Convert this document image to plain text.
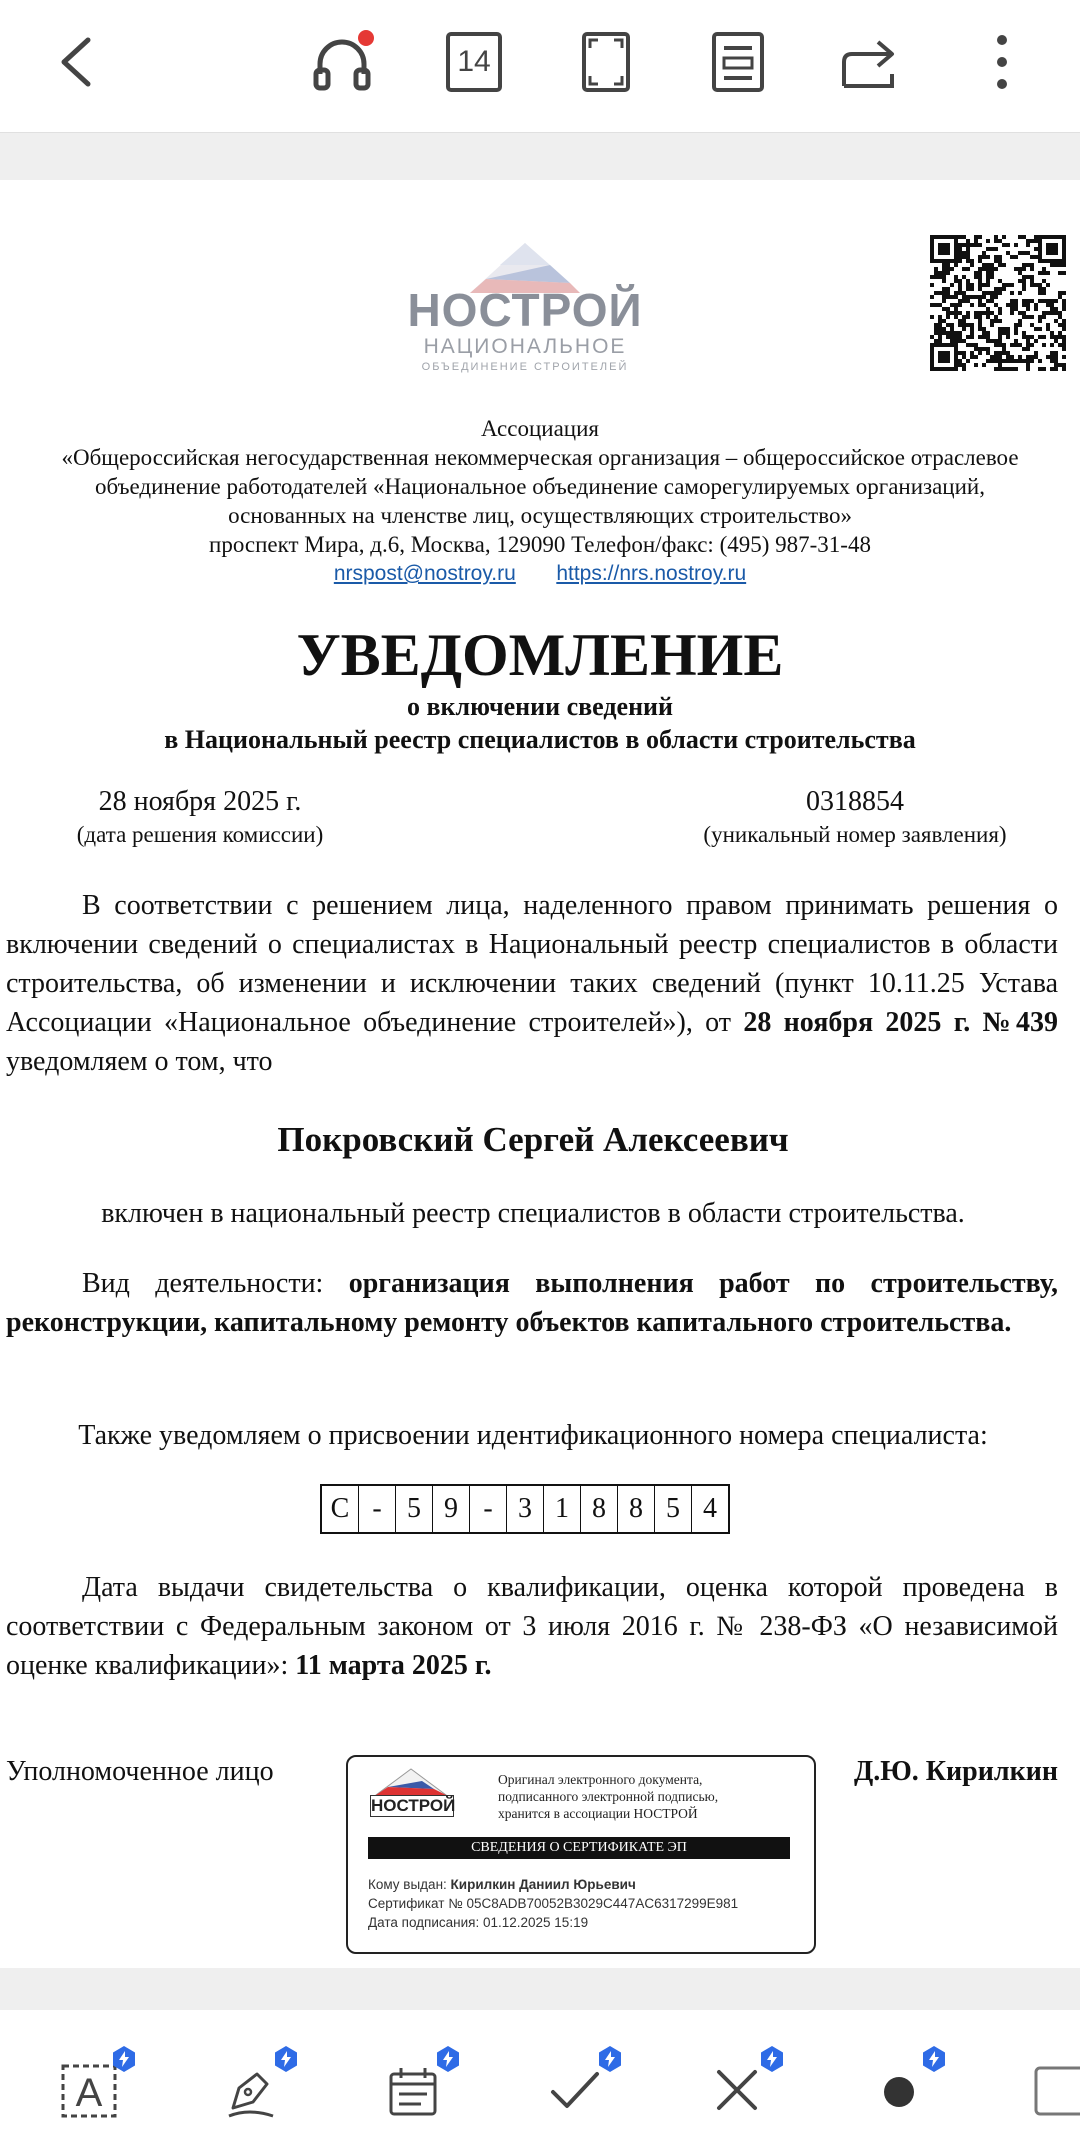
14
НОСТРОЙ
НАЦИОНАЛЬНОЕ
ОБЪЕДИНЕНИЕ СТРОИТЕЛЕЙ
Ассоциация
«Общероссийская негосударственная некоммерческая организация – общероссийское отраслевое
объединение работодателей «Национальное объединение саморегулируемых организаций,
основанных на членстве лиц, осуществляющих строительство»
проспект Мира, д.6, Москва, 129090 Телефон/факс: (495) 987-31-48
nrspost@nostroy.ru https://nrs.nostroy.ru
УВЕДОМЛЕНИЕ
о включении сведений
в Национальный реестр специалистов в области строительства
28 ноября 2025 г.
(дата решения комиссии)
0318854
(уникальный номер заявления)
В соответствии с решением лица, наделенного правом принимать решения о включении сведений о специалистах в Национальный реестр специалистов в области строительства, об изменении и исключении таких сведений (пункт 10.11.25 Устава Ассоциации «Национальное объединение строителей»), от 28 ноября 2025 г. №439 уведомляем о том, что
Покровский Сергей Алексеевич
включен в национальный реестр специалистов в области строительства.
Вид деятельности: организация выполнения работ по строительству, реконструкции, капитальному ремонту объектов капитального строительства.
Также уведомляем о присвоении идентификационного номера специалиста:
С - 5 9 - 3 1 8 8 5 4
Дата выдачи свидетельства о квалификации, оценка которой проведена в соответствии с Федеральным законом от 3 июля 2016 г. № 238-ФЗ «О независимой оценке квалификации»: 11 марта 2025 г.
Уполномоченное лицо	Д.Ю. Кирилкин
НОСТРОЙ
Оригинал электронного документа,
подписанного электронной подписью,
хранится в ассоциации НОСТРОЙ
СВЕДЕНИЯ О СЕРТИФИКАТЕ ЭП
Кому выдан: Кирилкин Даниил Юрьевич
Сертификат № 05C8ADB70052B3029C447AC6317299E981
Дата подписания: 01.12.2025 15:19
A
